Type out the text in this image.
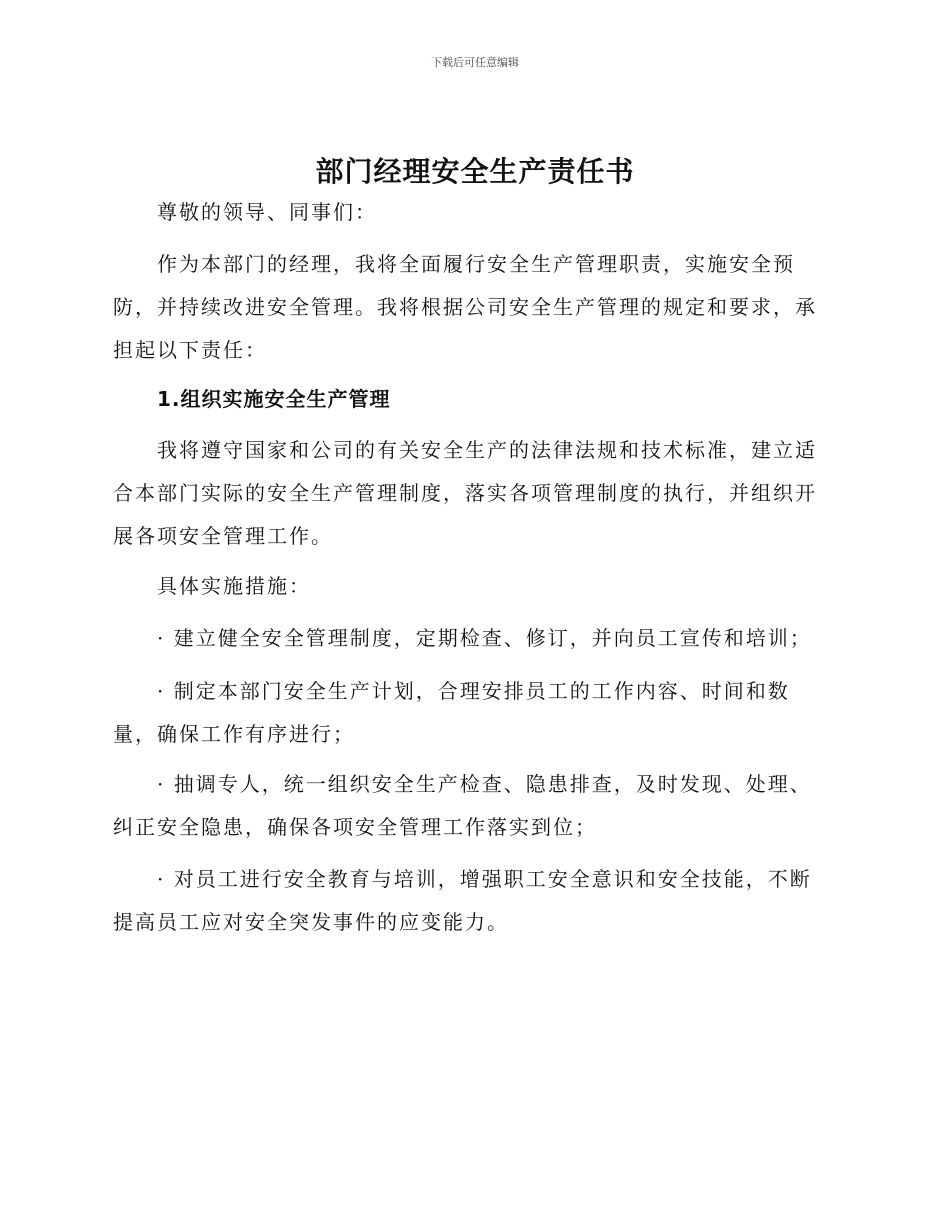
下载后可任意编辑
部门经理安全生产责任书
尊敬的领导、同事们：
作为本部门的经理，我将全面履行安全生产管理职责，实施安全预防，并持续改进安全管理。我将根据公司安全生产管理的规定和要求，承担起以下责任：
1.组织实施安全生产管理
我将遵守国家和公司的有关安全生产的法律法规和技术标准，建立适合本部门实际的安全生产管理制度，落实各项管理制度的执行，并组织开展各项安全管理工作。
具体实施措施：
· 建立健全安全管理制度，定期检查、修订，并向员工宣传和培训；
· 制定本部门安全生产计划，合理安排员工的工作内容、时间和数量，确保工作有序进行；
· 抽调专人，统一组织安全生产检查、隐患排查，及时发现、处理、纠正安全隐患，确保各项安全管理工作落实到位；
· 对员工进行安全教育与培训，增强职工安全意识和安全技能，不断提高员工应对安全突发事件的应变能力。
